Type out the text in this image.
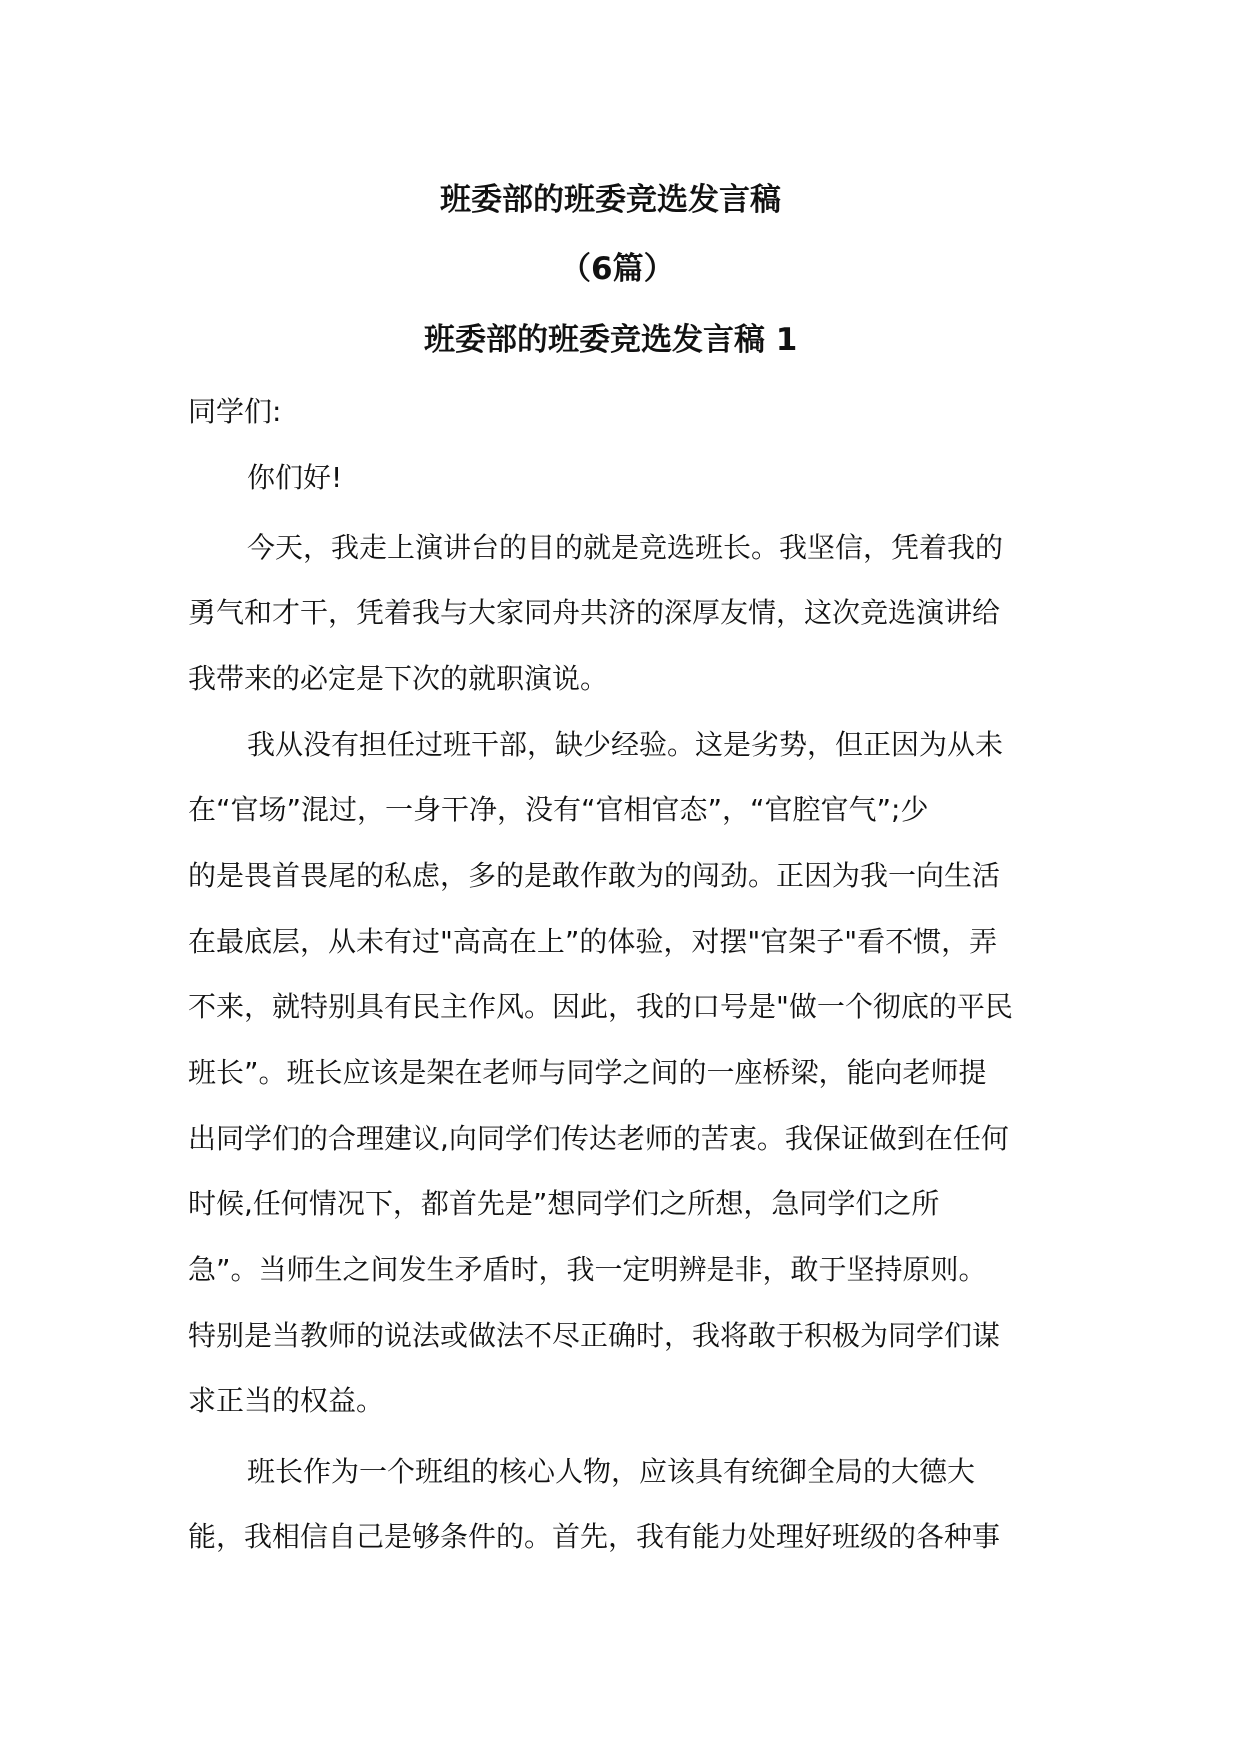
班委部的班委竞选发言稿
（6篇）
班委部的班委竞选发言稿 1
同学们:
你们好!
今天，我走上演讲台的目的就是竞选班长。我坚信，凭着我的
勇气和才干，凭着我与大家同舟共济的深厚友情，这次竞选演讲给
我带来的必定是下次的就职演说。
我从没有担任过班干部，缺少经验。这是劣势，但正因为从未
在“官场”混过，一身干净，没有“官相官态”，“官腔官气”;少
的是畏首畏尾的私虑，多的是敢作敢为的闯劲。正因为我一向生活
在最底层，从未有过"高高在上”的体验，对摆"官架子"看不惯，弄
不来，就特别具有民主作风。因此，我的口号是"做一个彻底的平民
班长”。班长应该是架在老师与同学之间的一座桥梁，能向老师提
出同学们的合理建议,向同学们传达老师的苦衷。我保证做到在任何
时候,任何情况下，都首先是”想同学们之所想，急同学们之所
急”。当师生之间发生矛盾时，我一定明辨是非，敢于坚持原则。
特别是当教师的说法或做法不尽正确时，我将敢于积极为同学们谋
求正当的权益。
班长作为一个班组的核心人物，应该具有统御全局的大德大
能，我相信自己是够条件的。首先，我有能力处理好班级的各种事
